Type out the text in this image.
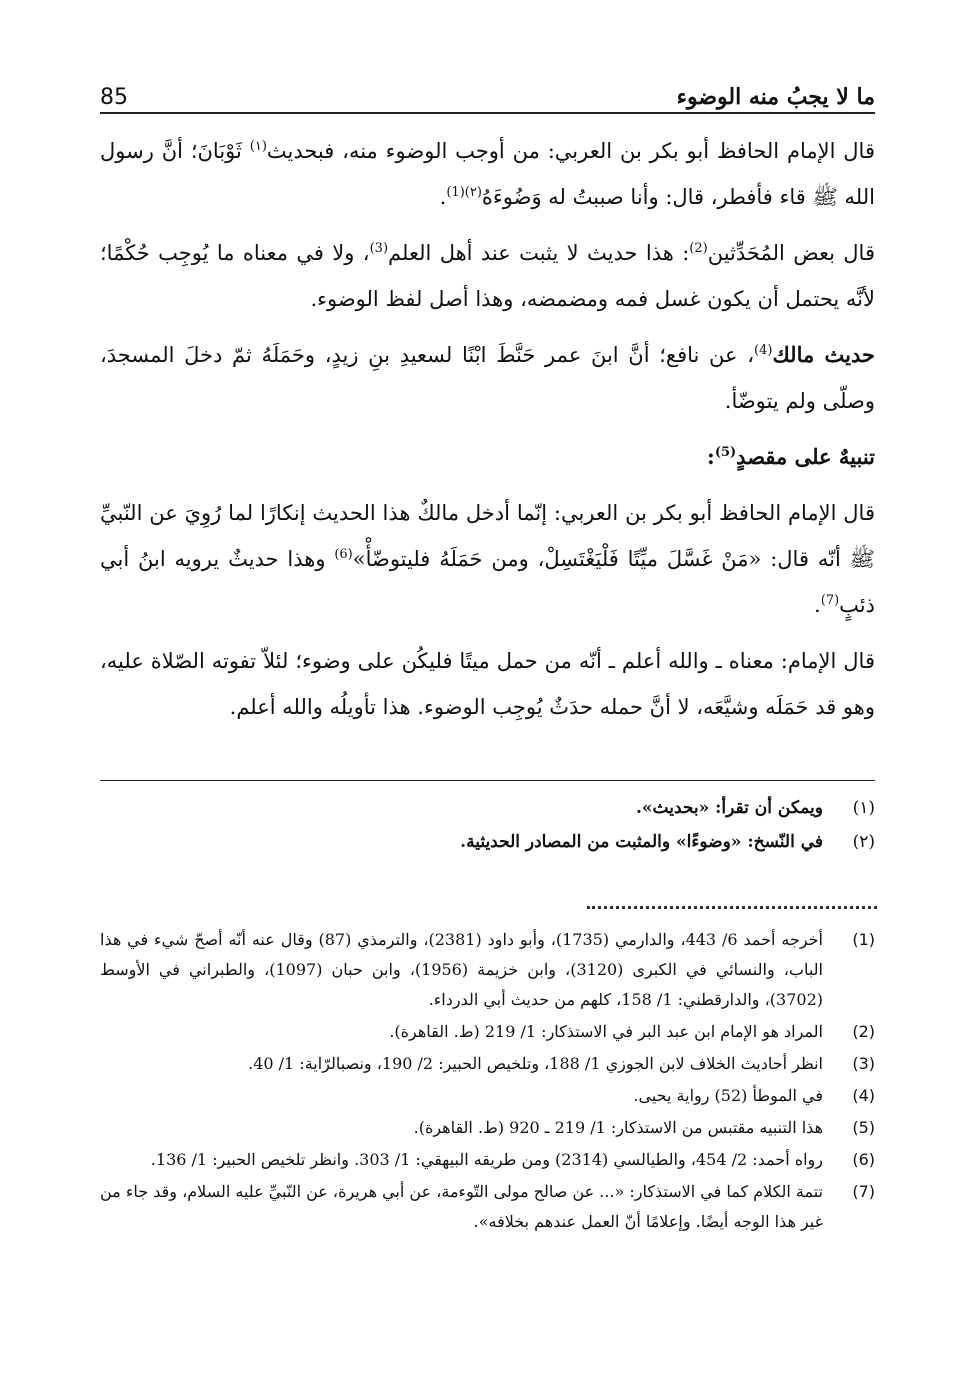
ما لا يجبُ منه الوضوء
85

قال الإمام الحافظ أبو بكر بن العربي: من أوجب الوضوء منه، فبحديث$^{(١)}$ ثَوْبَانَ؛ أنَّ رسول الله ﷺ قاء فأفطر، قال: وأنا صببتُ له وَضُوءَهُ$^{(٢)(1)}$.

قال بعض المُحَدِّثين$^{(2)}$: هذا حديث لا يثبت عند أهل العلم$^{(3)}$، ولا في معناه ما يُوجِب حُكْمًا؛ لأنَّه يحتمل أن يكون غسل فمه ومضمضه، وهذا أصل لفظ الوضوء.

حديث مالك$^{(4)}$، عن نافع؛ أنَّ ابنَ عمر حَنَّطَ ابْنًا لسعيدِ بنِ زيدٍ، وحَمَلَهُ ثمّ دخلَ المسجدَ، وصلّى ولم يتوضّأ.

تنبيهٌ على مقصدٍ$^{(5)}$:

قال الإمام الحافظ أبو بكر بن العربي: إنّما أدخل مالكٌ هذا الحديث إنكارًا لما رُوِيَ عن النّبيِّ ﷺ أنّه قال: «مَنْ غَسَّلَ ميِّتًا فَلْيَغْتَسِلْ، ومن حَمَلَهُ فليتوضّأْ»$^{(6)}$ وهذا حديثٌ يرويه ابنُ أبي ذئبٍ$^{(7)}$.

قال الإمام: معناه ـ والله أعلم ـ أنّه من حمل ميتًا فليكُن على وضوء؛ لئلاّ تفوته الصّلاة عليه، وهو قد حَمَلَه وشيَّعَه، لا أنَّ حمله حدَثٌ يُوجِب الوضوء. هذا تأويلُه والله أعلم.

(١)
ويمكن أن تقرأ: «بحديث».
(٢)
في النّسخ: «وضوءًا» والمثبت من المصادر الحديثية.
(1)
أخرجه أحمد 6/ 443، والدارمي (1735)، وأبو داود (2381)، والترمذي (87) وقال عنه أنّه أصحّ شيء في هذا الباب، والنسائي في الكبرى (3120)، وابن خزيمة (1956)، وابن حبان (1097)، والطبراني في الأوسط (3702)، والدارقطني: 1/ 158، كلهم من حديث أبي الدرداء.
(2)
المراد هو الإمام ابن عبد البر في الاستذكار: 1/ 219 (ط. القاهرة).
(3)
انظر أحاديث الخلاف لابن الجوزي 1/ 188، وتلخيص الحبير: 2/ 190، ونصبالرّاية: 1/ 40.
(4)
في الموطأ (52) رواية يحيى.
(5)
هذا التنبيه مقتبس من الاستذكار: 1/ 219 ـ 920 (ط. القاهرة).
(6)
رواه أحمد: 2/ 454، والطيالسي (2314) ومن طريقه البيهقي: 1/ 303. وانظر تلخيص الحبير: 1/ 136.
(7)
تتمة الكلام كما في الاستذكار: «... عن صالح مولى التّوءمة، عن أبي هريرة، عن النّبيِّ عليه السلام، وقد جاء من غير هذا الوجه أيضًا. وإعلامًا أنّ العمل عندهم بخلافه».
